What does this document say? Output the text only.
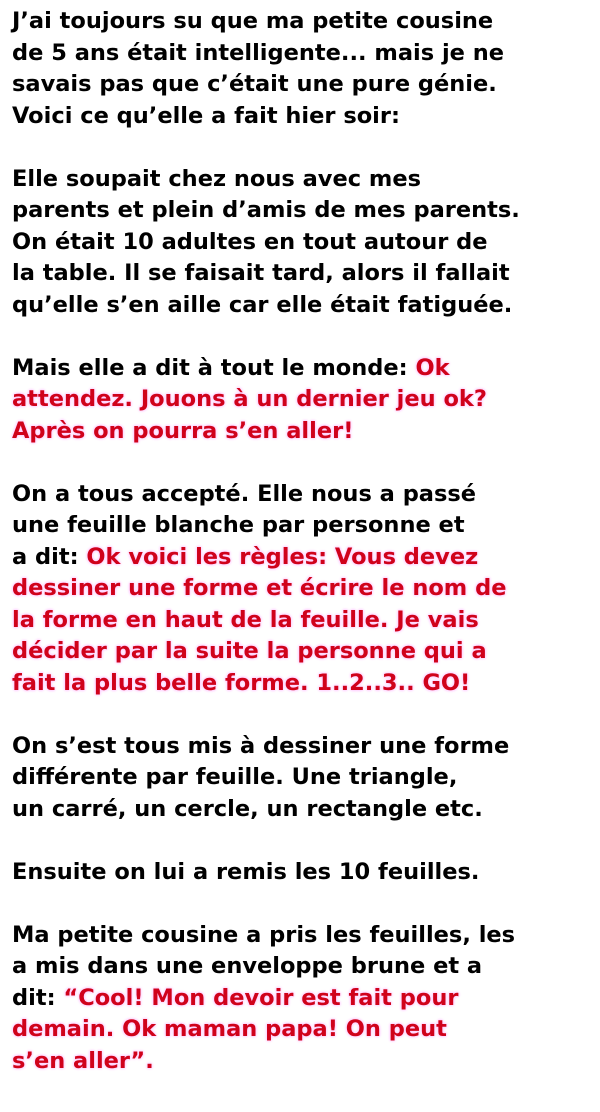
J’ai toujours su que ma petite cousine
de 5 ans était intelligente... mais je ne
savais pas que c’était une pure génie.
Voici ce qu’elle a fait hier soir:

Elle soupait chez nous avec mes
parents et plein d’amis de mes parents.
On était 10 adultes en tout autour de
la table. Il se faisait tard, alors il fallait
qu’elle s’en aille car elle était fatiguée.

Mais elle a dit à tout le monde: Ok
attendez. Jouons à un dernier jeu ok?
Après on pourra s’en aller!

On a tous accepté. Elle nous a passé
une feuille blanche par personne et
a dit: Ok voici les règles: Vous devez
dessiner une forme et écrire le nom de
la forme en haut de la feuille. Je vais
décider par la suite la personne qui a
fait la plus belle forme. 1..2..3.. GO!

On s’est tous mis à dessiner une forme
différente par feuille. Une triangle,
un carré, un cercle, un rectangle etc.

Ensuite on lui a remis les 10 feuilles.

Ma petite cousine a pris les feuilles, les
a mis dans une enveloppe brune et a
dit: “Cool! Mon devoir est fait pour
demain. Ok maman papa! On peut
s’en aller”.
